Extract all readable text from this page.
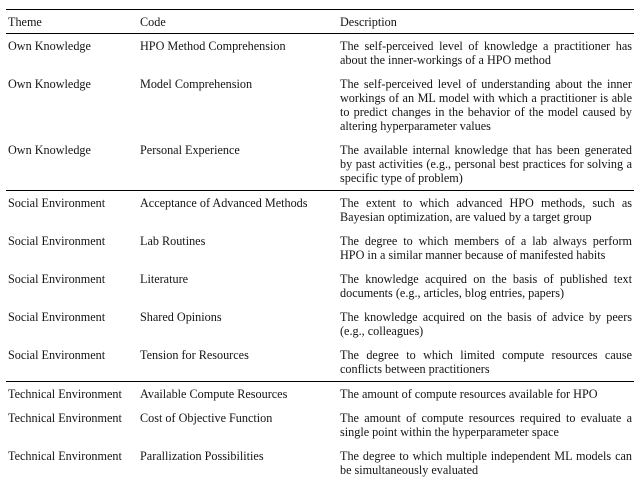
Theme	Code	Description
Own Knowledge	HPO Method Comprehension	The self-perceived level of knowledge a practitioner has about the inner-workings of a HPO method
Own Knowledge	Model Comprehension	The self-perceived level of understanding about the inner workings of an ML model with which a practitioner is able to predict changes in the behavior of the model caused by altering hyperparameter values
Own Knowledge	Personal Experience	The available internal knowledge that has been generated by past activities (e.g., personal best practices for solving a specific type of problem)
Social Environment	Acceptance of Advanced Methods	The extent to which advanced HPO methods, such as Bayesian optimization, are valued by a target group
Social Environment	Lab Routines	The degree to which members of a lab always perform HPO in a similar manner because of manifested habits
Social Environment	Literature	The knowledge acquired on the basis of published text documents (e.g., articles, blog entries, papers)
Social Environment	Shared Opinions	The knowledge acquired on the basis of advice by peers (e.g., colleagues)
Social Environment	Tension for Resources	The degree to which limited compute resources cause conflicts between practitioners
Technical Environment	Available Compute Resources	The amount of compute resources available for HPO
Technical Environment	Cost of Objective Function	The amount of compute resources required to evaluate a single point within the hyperparameter space
Technical Environment	Parallization Possibilities	The degree to which multiple independent ML models can be simultaneously evaluated
